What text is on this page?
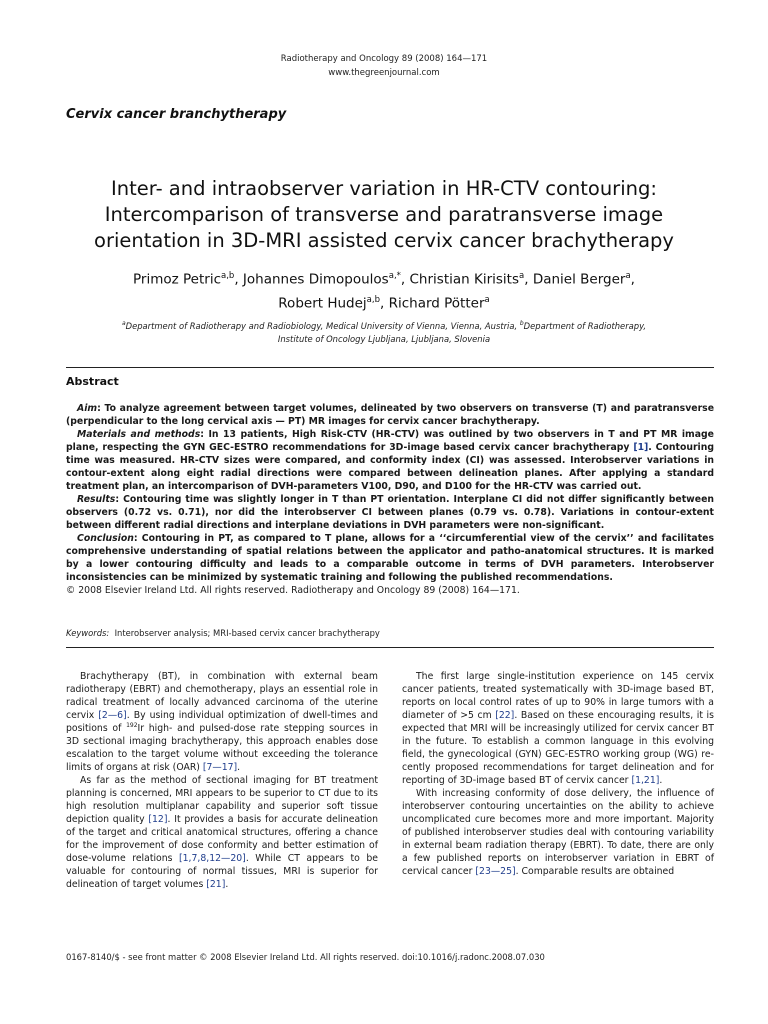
Radiotherapy and Oncology 89 (2008) 164—171
www.thegreenjournal.com
Cervix cancer branchytherapy
Inter- and intraobserver variation in HR-CTV contouring:
Intercomparison of transverse and paratransverse image
orientation in 3D-MRI assisted cervix cancer brachytherapy
Primoz Petric$^{a,b}$, Johannes Dimopoulos$^{a,*}$, Christian Kirisits$^a$, Daniel Berger$^a$,
Robert Hudej$^{a,b}$, Richard Pötter$^a$
$^a$Department of Radiotherapy and Radiobiology, Medical University of Vienna, Vienna, Austria, $^b$Department of Radiotherapy,
Institute of Oncology Ljubljana, Ljubljana, Slovenia
Abstract

Aim: To analyze agreement between target volumes, delineated by two observers on transverse (T) and paratransverse (perpendicular to the long cervical axis — PT) MR images for cervix cancer brachytherapy.

Materials and methods: In 13 patients, High Risk-CTV (HR-CTV) was outlined by two observers in T and PT MR image plane, respecting the GYN GEC-ESTRO recommendations for 3D-image based cervix cancer brachytherapy [1]. Contouring time was measured. HR-CTV sizes were compared, and conformity index (CI) was assessed. Interobserver variations in contour-extent along eight radial directions were compared between delineation planes. After applying a standard treatment plan, an intercomparison of DVH-parameters V100, D90, and D100 for the HR-CTV was carried out.

Results: Contouring time was slightly longer in T than PT orientation. Interplane CI did not differ significantly between observers (0.72 vs. 0.71), nor did the interobserver CI between planes (0.79 vs. 0.78). Variations in contour-extent between different radial directions and interplane deviations in DVH parameters were non-significant.

Conclusion: Contouring in PT, as compared to T plane, allows for a ‘‘circumferential view of the cervix’’ and facilitates comprehensive understanding of spatial relations between the applicator and patho-anatomical structures. It is marked by a lower contouring difficulty and leads to a comparable outcome in terms of DVH parameters. Interobserver inconsistencies can be minimized by systematic training and following the published recommendations.

© 2008 Elsevier Ireland Ltd. All rights reserved. Radiotherapy and Oncology 89 (2008) 164—171.

Keywords: Interobserver analysis; MRI-based cervix cancer brachytherapy

Brachytherapy (BT), in combination with external beam radiotherapy (EBRT) and chemotherapy, plays an essential role in radical treatment of locally advanced carcinoma of the uterine cervix [2—6]. By using individual optimization of dwell-times and positions of $^{192}$Ir high- and pulsed-dose rate stepping sources in 3D sectional imaging brachytherapy, this approach enables dose escalation to the target volume without exceeding the tolerance limits of organs at risk (OAR) [7—17].

As far as the method of sectional imaging for BT treatment planning is concerned, MRI appears to be superior to CT due to its high resolution multiplanar capability and superior soft tissue depiction quality [12]. It provides a basis for accurate delineation of the target and critical anatomical structures, offering a chance for the improvement of dose conformity and better estimation of dose-volume relations [1,7,8,12—20]. While CT appears to be valuable for contouring of normal tissues, MRI is superior for delineation of target volumes [21].

The first large single-institution experience on 145 cervix cancer patients, treated systematically with 3D-image based BT, reports on local control rates of up to 90% in large tumors with a diameter of >5 cm [22]. Based on these encouraging results, it is expected that MRI will be increasingly utilized for cervix cancer BT in the future. To establish a common language in this evolving field, the gynecological (GYN) GEC-ESTRO working group (WG) recently proposed recommendations for target delineation and for reporting of 3D-image based BT of cervix cancer [1,21].

With increasing conformity of dose delivery, the influence of interobserver contouring uncertainties on the ability to achieve uncomplicated cure becomes more and more important. Majority of published interobserver studies deal with contouring variability in external beam radiation therapy (EBRT). To date, there are only a few published reports on interobserver variation in EBRT of cervical cancer [23—25]. Comparable results are obtained

0167-8140/$ - see front matter © 2008 Elsevier Ireland Ltd. All rights reserved. doi:10.1016/j.radonc.2008.07.030
